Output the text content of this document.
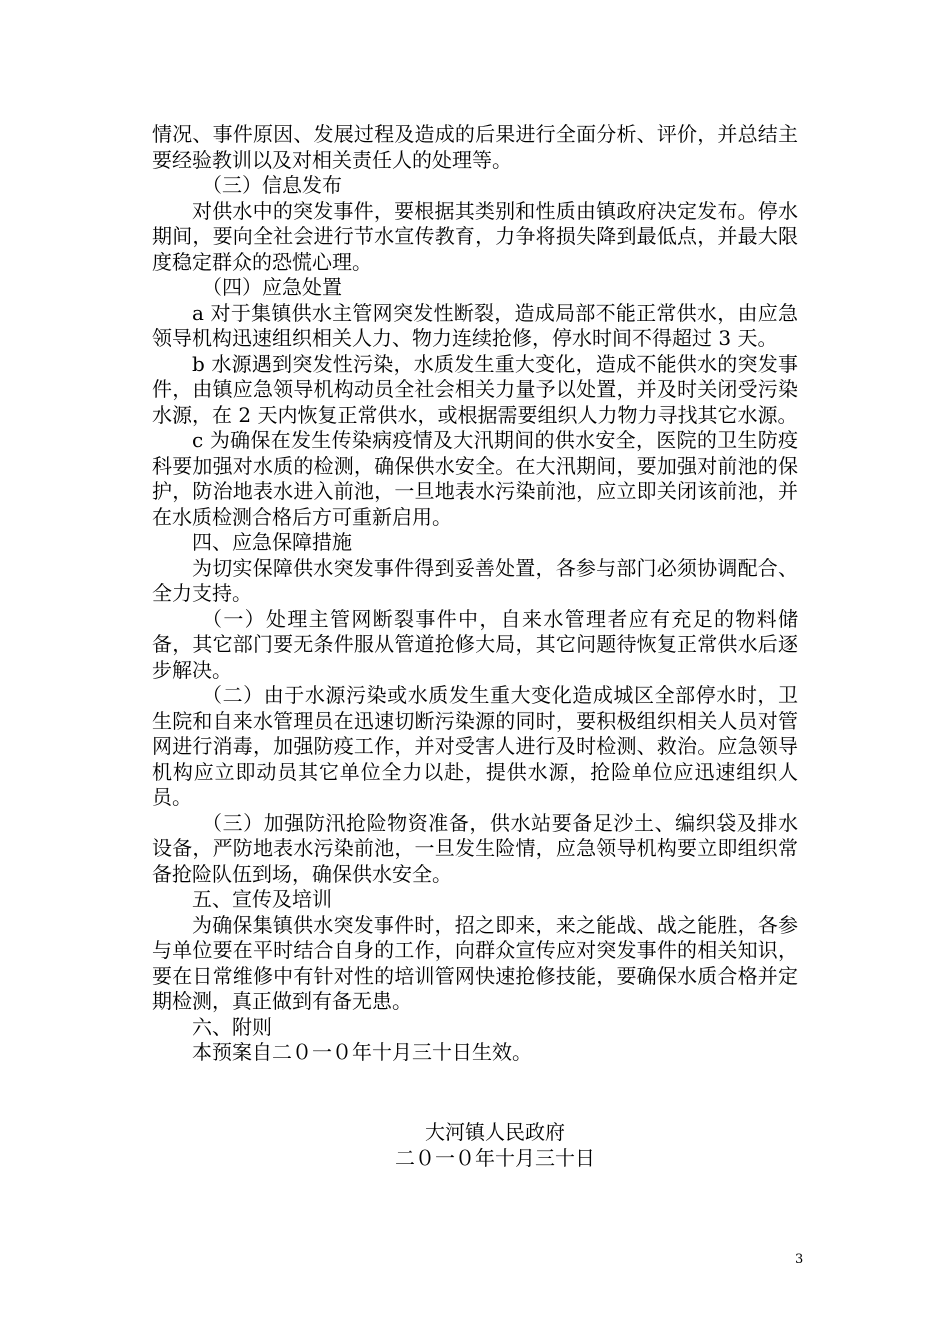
情况、事件原因、发展过程及造成的后果进行全面分析、评价，并总结主要经验教训以及对相关责任人的处理等。

（三）信息发布

对供水中的突发事件，要根据其类别和性质由镇政府决定发布。停水期间，要向全社会进行节水宣传教育，力争将损失降到最低点，并最大限度稳定群众的恐慌心理。

（四）应急处置

a 对于集镇供水主管网突发性断裂，造成局部不能正常供水，由应急领导机构迅速组织相关人力、物力连续抢修，停水时间不得超过 3 天。

b 水源遇到突发性污染，水质发生重大变化，造成不能供水的突发事件，由镇应急领导机构动员全社会相关力量予以处置，并及时关闭受污染水源，在 2 天内恢复正常供水，或根据需要组织人力物力寻找其它水源。

c 为确保在发生传染病疫情及大汛期间的供水安全，医院的卫生防疫科要加强对水质的检测，确保供水安全。在大汛期间，要加强对前池的保护，防治地表水进入前池，一旦地表水污染前池，应立即关闭该前池，并在水质检测合格后方可重新启用。

四、应急保障措施

为切实保障供水突发事件得到妥善处置，各参与部门必须协调配合、全力支持。

（一）处理主管网断裂事件中，自来水管理者应有充足的物料储备，其它部门要无条件服从管道抢修大局，其它问题待恢复正常供水后逐步解决。

（二）由于水源污染或水质发生重大变化造成城区全部停水时，卫生院和自来水管理员在迅速切断污染源的同时，要积极组织相关人员对管网进行消毒，加强防疫工作，并对受害人进行及时检测、救治。应急领导机构应立即动员其它单位全力以赴，提供水源，抢险单位应迅速组织人员。

（三）加强防汛抢险物资准备，供水站要备足沙土、编织袋及排水设备，严防地表水污染前池，一旦发生险情，应急领导机构要立即组织常备抢险队伍到场，确保供水安全。

五、宣传及培训

为确保集镇供水突发事件时，招之即来，来之能战、战之能胜，各参与单位要在平时结合自身的工作，向群众宣传应对突发事件的相关知识，要在日常维修中有针对性的培训管网快速抢修技能，要确保水质合格并定期检测，真正做到有备无患。

六、附则

本预案自二０一０年十月三十日生效。

大河镇人民政府
二０一０年十月三十日
3
